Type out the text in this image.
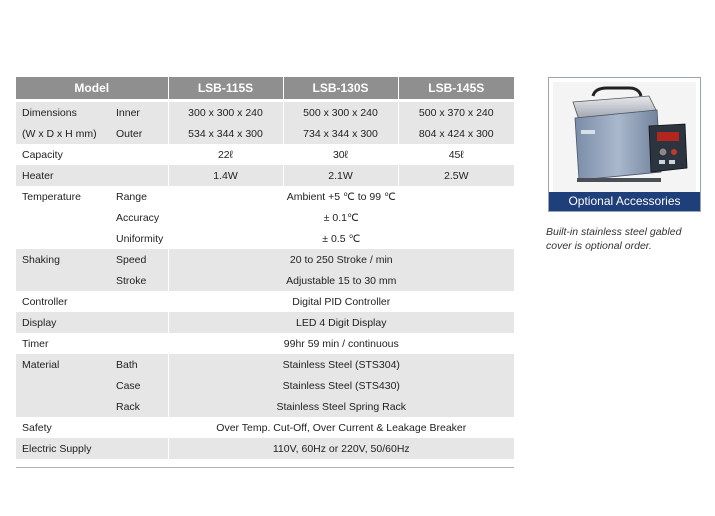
Model		LSB-115S	LSB-130S	LSB-145S

Dimensions	Inner	300 x 300 x 240	500 x 300 x 240	500 x 370 x 240
(W x D x H mm)	Outer	534 x 344 x 300	734 x 344 x 300	804 x 424 x 300
Capacity		22ℓ	30ℓ	45ℓ
Heater		1.4W	2.1W	2.5W
Temperature	Range	Ambient +5 ℃ to 99 ℃		
	Accuracy	± 0.1℃		
	Uniformity	± 0.5 ℃		
Shaking	Speed	20 to 250 Stroke / min		
	Stroke	Adjustable 15 to 30 mm		
Controller		Digital PID Controller		
Display		LED 4 Digit Display		
Timer		99hr 59 min / continuous		
Material	Bath	Stainless Steel (STS304)		
	Case	Stainless Steel (STS430)		
	Rack	Stainless Steel Spring Rack		
Safety		Over Temp. Cut-Off, Over Current & Leakage Breaker		
Electric Supply		110V, 60Hz or 220V, 50/60Hz		

Optional Accessories
Built-in stainless steel gabled cover is optional order.
